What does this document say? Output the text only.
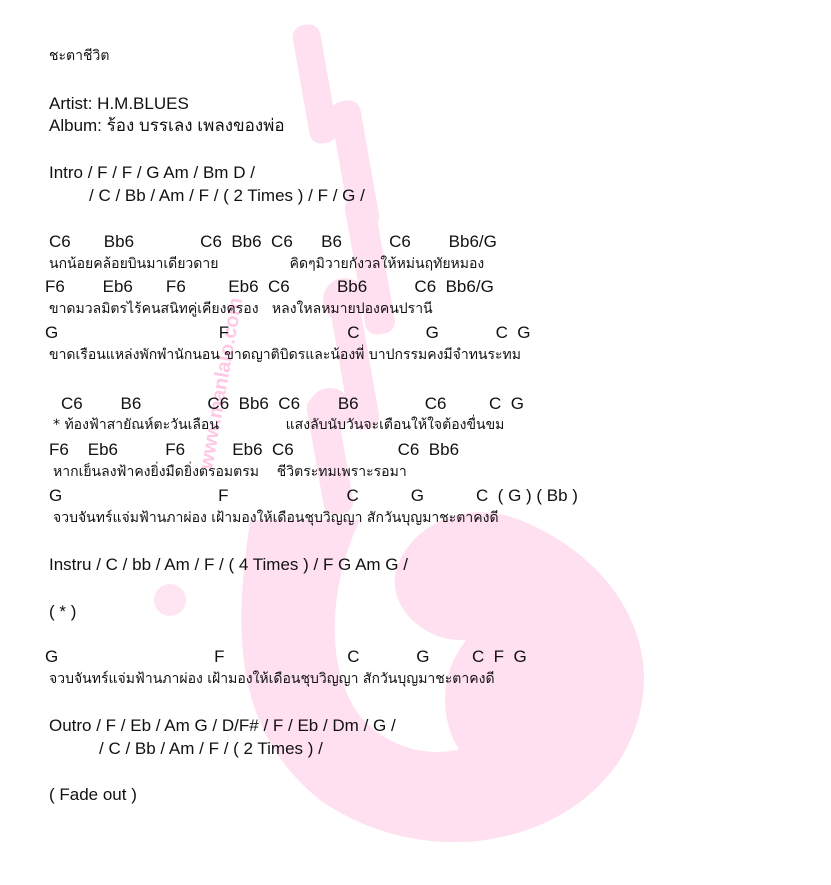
www.manlalo.com
ชะตาชีวิต
Artist: H.M.BLUES
Album: ร้อง บรรเลง เพลงของพ่อ
Intro / F / F / G Am / Bm D /
/ C / Bb / Am / F / ( 2 Times ) / F / G /
C6       Bb6              C6  Bb6  C6      B6          C6        Bb6/G
นกน้อยคล้อยบินมาเดียวดาย                คิดๆมิวายกังวลให้หม่นฤทัยหมอง
F6        Eb6       F6         Eb6  C6          Bb6          C6  Bb6/G
ขาดมวลมิตรไร้คนสนิทคู่เคียงครอง   หลงใหลหมายปองคนปรานี
G                                  F                         C              G            C  G
ขาดเรือนแหล่งพักพำนักนอน ขาดญาติบิดรและน้องพี่ บาปกรรมคงมีจำทนระทม
C6        B6              C6  Bb6  C6        B6              C6         C  G
* ท้องฟ้าสายัณห์ตะวันเลือน               แสงลับนับวันจะเตือนให้ใจต้องขื่นขม
F6    Eb6          F6          Eb6  C6                      C6  Bb6
หากเย็นลงฟ้าคงยิ่งมืดยิ่งตรอมตรม    ชีวิตระทมเพราะรอมา
G                                 F                         C           G           C  ( G ) ( Bb )
จวบจันทร์แจ่มฟ้านภาผ่อง เฝ้ามองให้เดือนชุบวิญญา สักวันบุญมาชะตาคงดี
Instru / C / bb / Am / F / ( 4 Times ) / F G Am G /
( * )
G                                 F                          C            G         C  F  G
จวบจันทร์แจ่มฟ้านภาผ่อง เฝ้ามองให้เดือนชุบวิญญา สักวันบุญมาชะตาคงดี
Outro / F / Eb / Am G / D/F# / F / Eb / Dm / G /
/ C / Bb / Am / F / ( 2 Times ) /
( Fade out )
